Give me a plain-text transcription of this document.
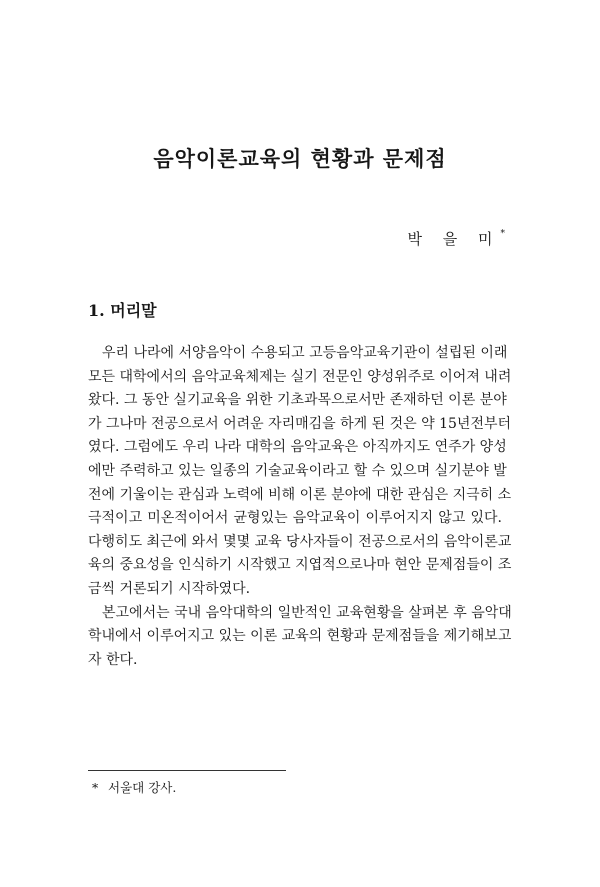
음악이론교육의 현황과 문제점
박 을 미*
1. 머리말
우리 나라에 서양음악이 수용되고 고등음악교육기관이 설립된 이래
모든 대학에서의 음악교육체제는 실기 전문인 양성위주로 이어져 내려
왔다. 그 동안 실기교육을 위한 기초과목으로서만 존재하던 이론 분야
가 그나마 전공으로서 어려운 자리매김을 하게 된 것은 약 15년전부터
였다. 그럼에도 우리 나라 대학의 음악교육은 아직까지도 연주가 양성
에만 주력하고 있는 일종의 기술교육이라고 할 수 있으며 실기분야 발
전에 기울이는 관심과 노력에 비해 이론 분야에 대한 관심은 지극히 소
극적이고 미온적이어서 균형있는 음악교육이 이루어지지 않고 있다.
다행히도 최근에 와서 몇몇 교육 당사자들이 전공으로서의 음악이론교
육의 중요성을 인식하기 시작했고 지엽적으로나마 현안 문제점들이 조
금씩 거론되기 시작하였다.
본고에서는 국내 음악대학의 일반적인 교육현황을 살펴본 후 음악대
학내에서 이루어지고 있는 이론 교육의 현황과 문제점들을 제기해보고
자 한다.
* 서울대 강사.
